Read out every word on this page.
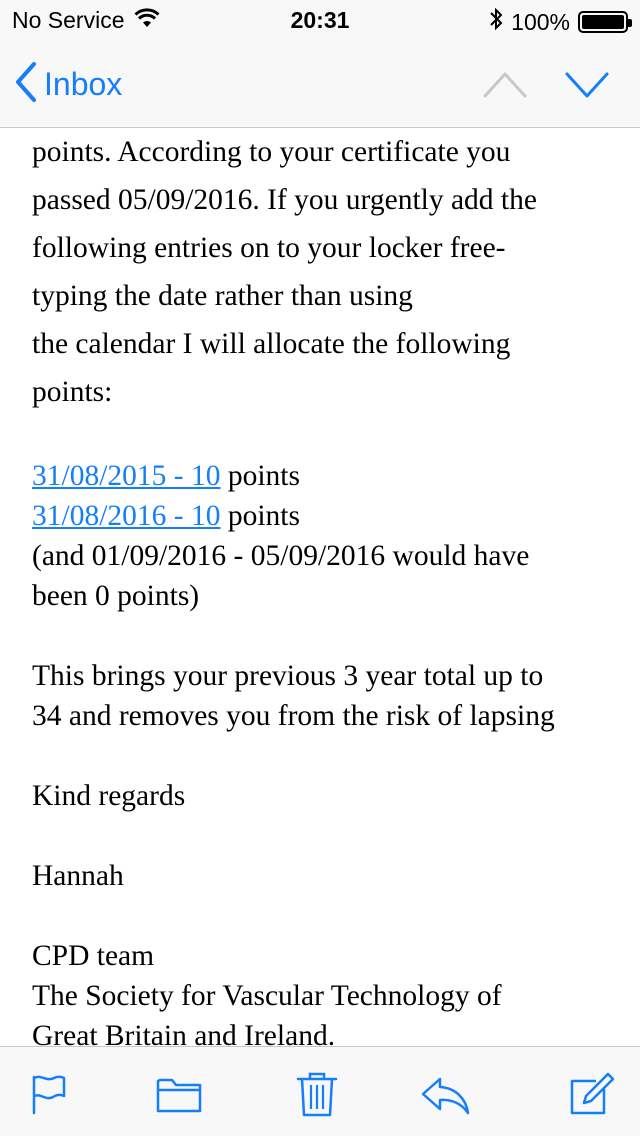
No Service	20:31	100%
Inbox
points. According to your certificate you
passed 05/09/2016. If you urgently add the
following entries on to your locker free-
typing the date rather than using
the calendar I will allocate the following
points:
31/08/2015 - 10 points
31/08/2016 - 10 points
(and 01/09/2016 - 05/09/2016 would have
been 0 points)
This brings your previous 3 year total up to
34 and removes you from the risk of lapsing
Kind regards
Hannah
CPD team
The Society for Vascular Technology of
Great Britain and Ireland.
